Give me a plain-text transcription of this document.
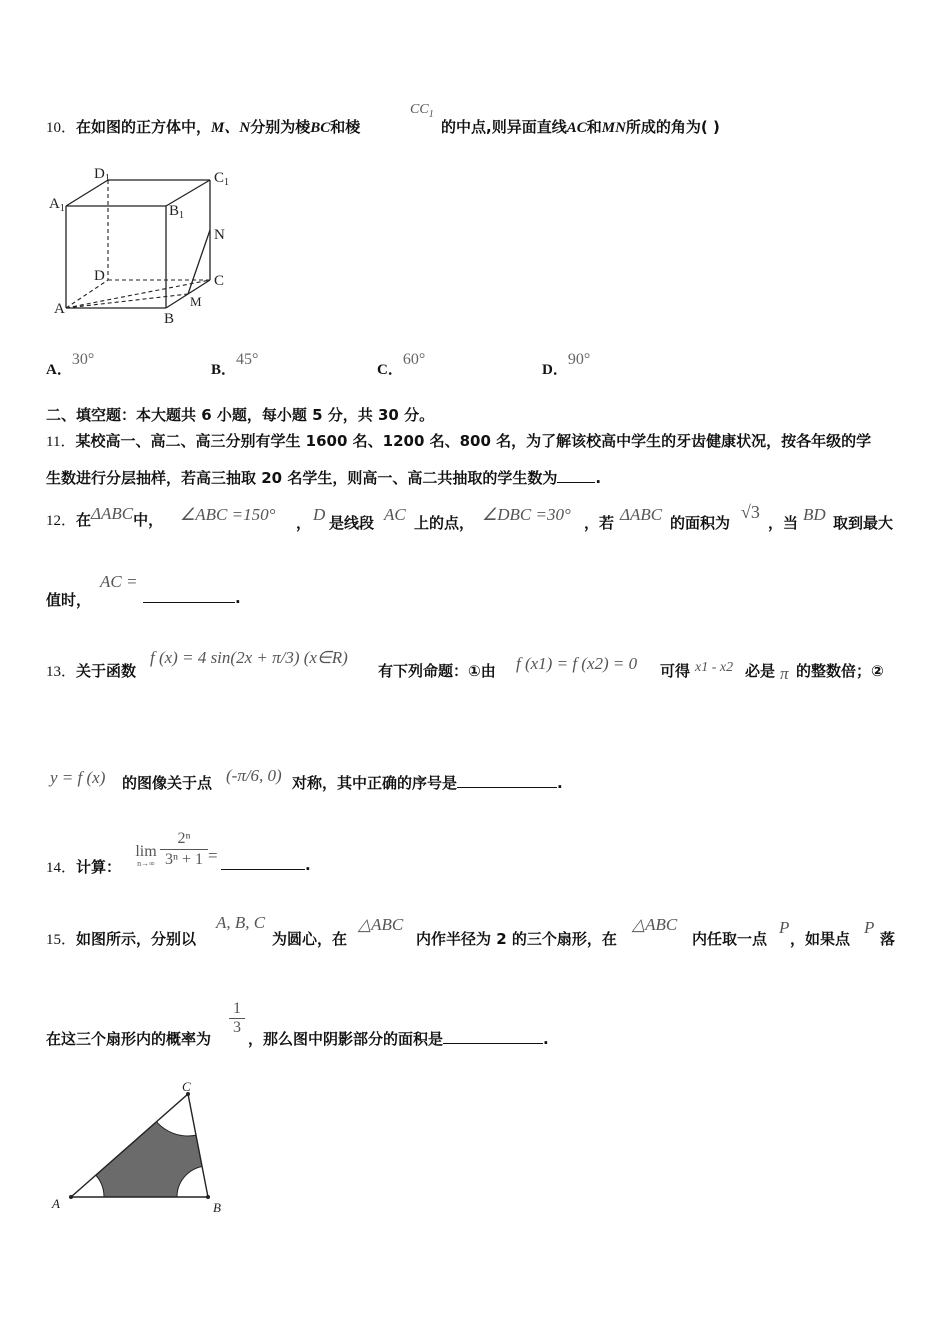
10．在如图的正方体中，M、N分别为棱BC和棱
$CC_1$
的中点,则异面直线AC和MN所成的角为( )
$D_1$	$C_1$
$A_1$	$B_1$
N
D	C
M
A
B
A．30°
B．45°
C．60°
D．90°
二、填空题：本大题共 6 小题，每小题 5 分，共 30 分。
11．某校高一、高二、高三分别有学生 1600 名、1200 名、800 名，为了解该校高中学生的牙齿健康状况，按各年级的学
生数进行分层抽样，若高三抽取 20 名学生，则高一、高二共抽取的学生数为	.
12．在ΔABC中， ∠ABC =150° ， D 是线段 AC 上的点， ∠DBC =30° ，若 ΔABC 的面积为
√3
，当 BD 取到最大
值时，
AC =
.
13．关于函数
f (x) = 4 sin(2x + π/3) (x∈R)
有下列命题：①由 f (x1) = f (x2) = 0 可得 x1 - x2 必是 π 的整数倍；②
y = f (x) 的图像关于点 (-π/6, 0) 对称，其中正确的序号是	.
14．计算：
lim
n→∞
2ⁿ
3ⁿ + 1 =	.
15．如图所示，分别以
A, B, C
为圆心，在
△ABC
内作半径为 2 的三个扇形，在
△ABC
内任取一点
P
，如果点
P
落
在这三个扇形内的概率为
1
3
，那么图中阴影部分的面积是	.
A	B
C
